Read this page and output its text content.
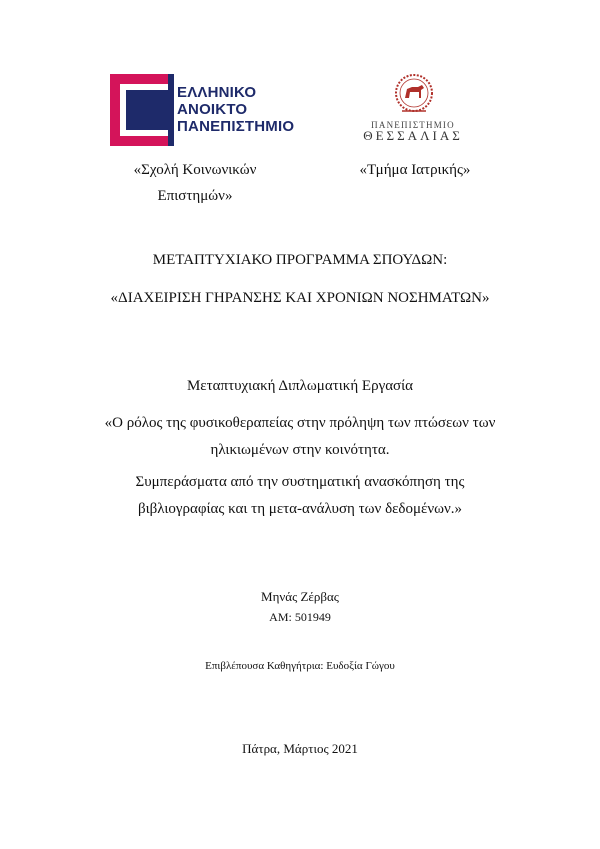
ΕΛΛΗΝΙΚΟ
ΑΝΟΙΚΤΟ
ΠΑΝΕΠΙΣΤΗΜΙΟ	ΠΑΝΕΠΙΣΤΗΜΙΟ
ΘΕΣΣΑΛΙΑΣ
«Σχολή Κοινωνικών
Επιστημών»
«Τμήμα Ιατρικής»
ΜΕΤΑΠΤΥΧΙΑΚΟ ΠΡΟΓΡΑΜΜΑ ΣΠΟΥΔΩΝ:
«ΔΙΑΧΕΙΡΙΣΗ ΓΗΡΑΝΣΗΣ ΚΑΙ ΧΡΟΝΙΩΝ ΝΟΣΗΜΑΤΩΝ»
Μεταπτυχιακή Διπλωματική Εργασία
«Ο ρόλος της φυσικοθεραπείας στην πρόληψη των πτώσεων των
ηλικιωμένων στην κοινότητα.
Συμπεράσματα από την συστηματική ανασκόπηση της
βιβλιογραφίας και τη μετα-ανάλυση των δεδομένων.»
Μηνάς Ζέρβας
ΑΜ: 501949
Επιβλέπουσα Καθηγήτρια: Ευδοξία Γώγου
Πάτρα, Μάρτιος 2021
